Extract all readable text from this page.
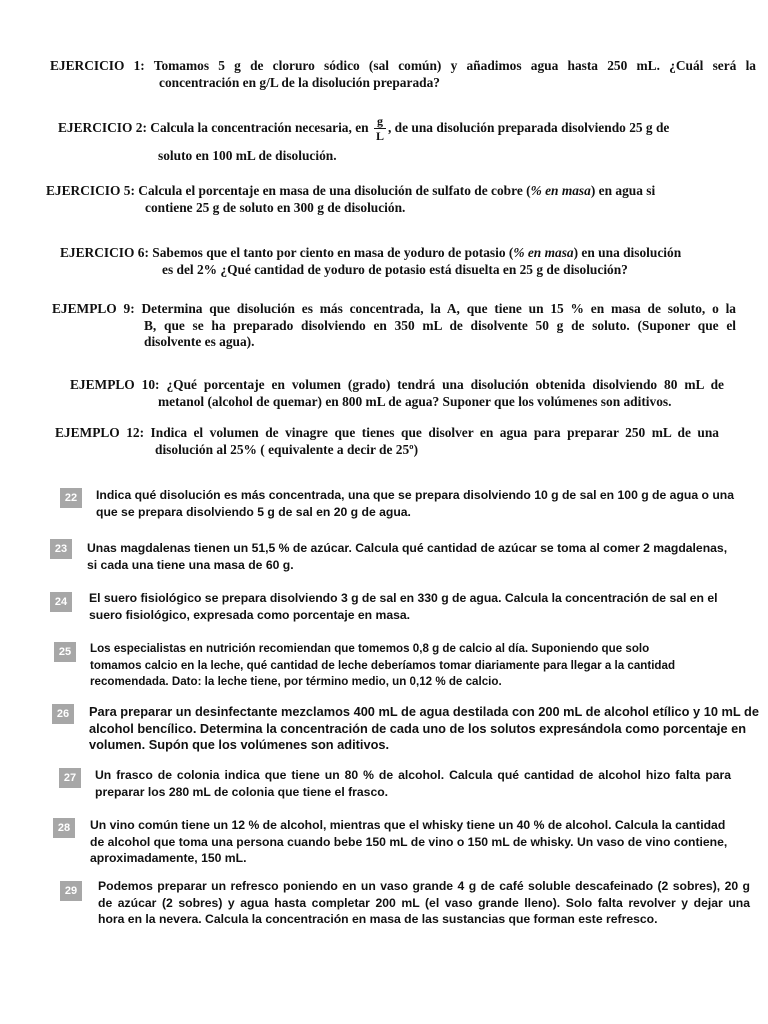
EJERCICIO 1: Tomamos 5 g de cloruro sódico (sal común) y añadimos agua hasta 250 mL. ¿Cuál será la
concentración en g/L de la disolución preparada?
EJERCICIO 2: Calcula la concentración necesaria, en $\frac{g}{L}$ , de una disolución preparada disolviendo 25 g de
soluto en 100 mL de disolución.
EJERCICIO 5: Calcula el porcentaje en masa de una disolución de sulfato de cobre (% en masa) en agua si
contiene 25 g de soluto en 300 g de disolución.
EJERCICIO 6: Sabemos que el tanto por ciento en masa de yoduro de potasio (% en masa) en una disolución
es del 2% ¿Qué cantidad de yoduro de potasio está disuelta en 25 g de disolución?
EJEMPLO 9: Determina que disolución es más concentrada, la A, que tiene un 15 % en masa de soluto, o la
B, que se ha preparado disolviendo en 350 mL de disolvente 50 g de soluto. (Suponer que el
disolvente es agua).
EJEMPLO 10: ¿Qué porcentaje en volumen (grado) tendrá una disolución obtenida disolviendo 80 mL de
metanol (alcohol de quemar) en 800 mL de agua? Suponer que los volúmenes son aditivos.
EJEMPLO 12: Indica el volumen de vinagre que tienes que disolver en agua para preparar 250 mL de una
disolución al 25% ( equivalente a decir de 25º)
22	Indica qué disolución es más concentrada, una que se prepara disolviendo 10 g de sal en 100 g de agua o una
que se prepara disolviendo 5 g de sal en 20 g de agua.
23	Unas magdalenas tienen un 51,5 % de azúcar. Calcula qué cantidad de azúcar se toma al comer 2 magdalenas,
si cada una tiene una masa de 60 g.
24	El suero fisiológico se prepara disolviendo 3 g de sal en 330 g de agua. Calcula la concentración de sal en el
suero fisiológico, expresada como porcentaje en masa.
25	Los especialistas en nutrición recomiendan que tomemos 0,8 g de calcio al día. Suponiendo que solo
tomamos calcio en la leche, qué cantidad de leche deberíamos tomar diariamente para llegar a la cantidad
recomendada. Dato: la leche tiene, por término medio, un 0,12 % de calcio.
26	Para preparar un desinfectante mezclamos 400 mL de agua destilada con 200 mL de alcohol etílico y 10 mL de
alcohol bencílico. Determina la concentración de cada uno de los solutos expresándola como porcentaje en
volumen. Supón que los volúmenes son aditivos.
27	Un frasco de colonia indica que tiene un 80 % de alcohol. Calcula qué cantidad de alcohol hizo falta para
preparar los 280 mL de colonia que tiene el frasco.
28	Un vino común tiene un 12 % de alcohol, mientras que el whisky tiene un 40 % de alcohol. Calcula la cantidad
de alcohol que toma una persona cuando bebe 150 mL de vino o 150 mL de whisky. Un vaso de vino contiene,
aproximadamente, 150 mL.
29	Podemos preparar un refresco poniendo en un vaso grande 4 g de café soluble descafeinado (2 sobres), 20 g
de azúcar (2 sobres) y agua hasta completar 200 mL (el vaso grande lleno). Solo falta revolver y dejar una
hora en la nevera. Calcula la concentración en masa de las sustancias que forman este refresco.
